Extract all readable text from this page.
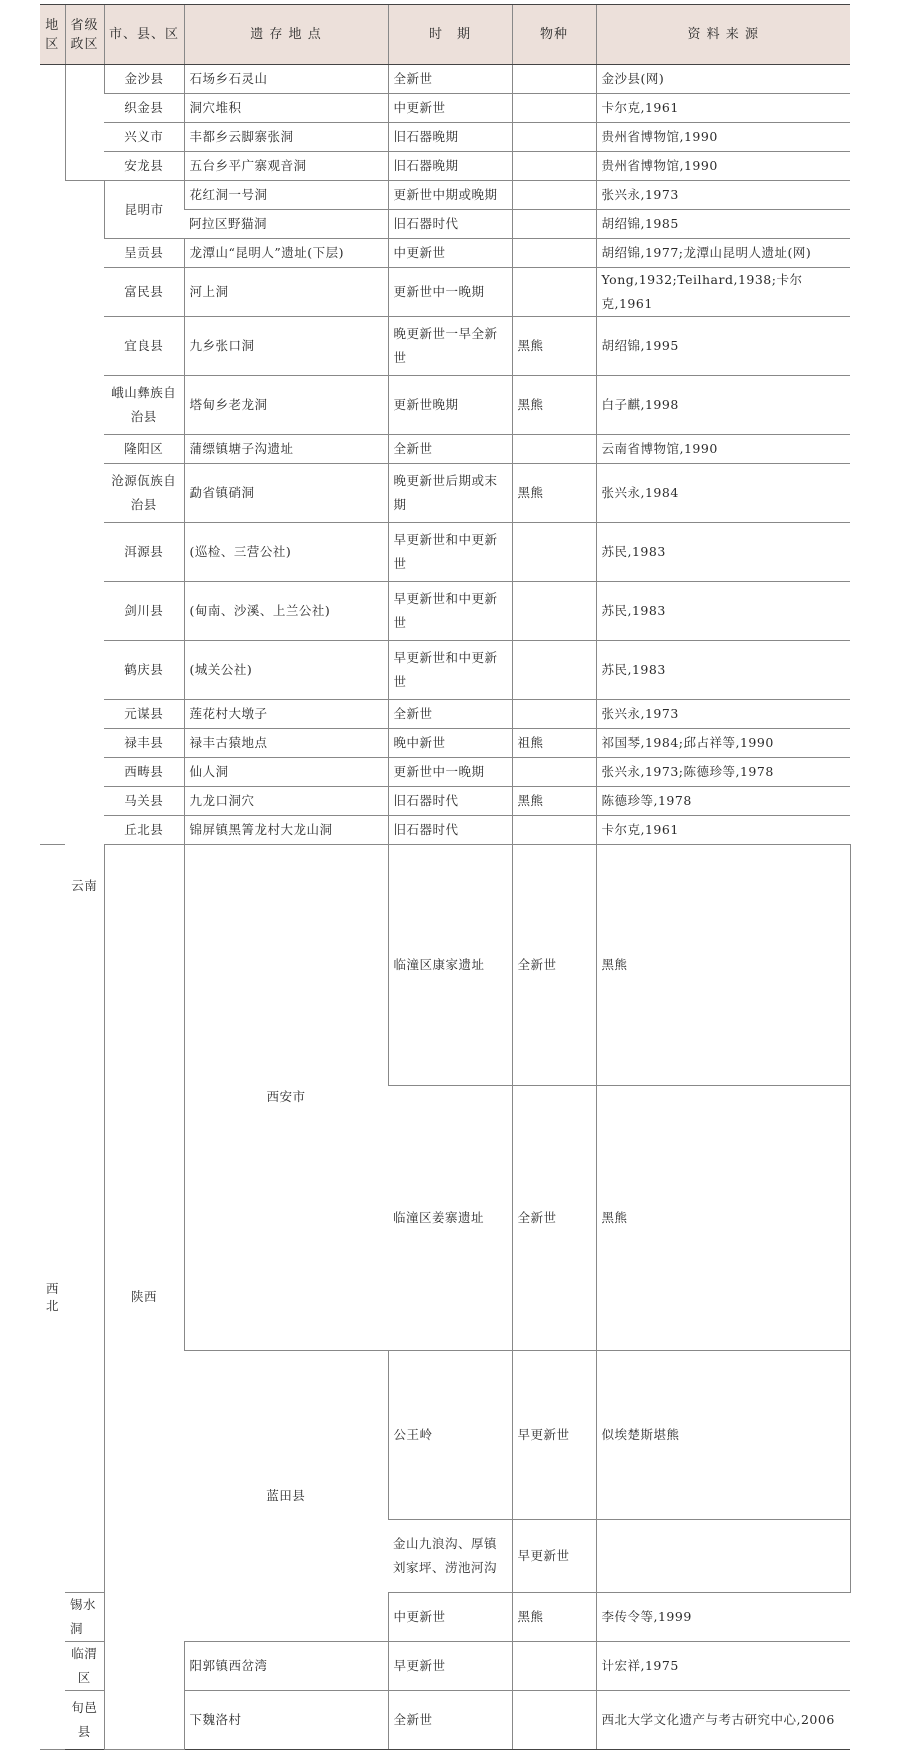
地区	省级政区	市、县、区	遗 存 地 点	时　期	物种	资 料 来 源	
		金沙县	石场乡石灵山	全新世		金沙县(网)	
		织金县	洞穴堆积	中更新世		卡尔克,1961	
		兴义市	丰都乡云脚寨张洞	旧石器晚期		贵州省博物馆,1990	
		安龙县	五台乡平广寨观音洞	旧石器晚期		贵州省博物馆,1990	
	云南	昆明市	花红洞一号洞	更新世中期或晚期		张兴永,1973	
			阿拉区野猫洞	旧石器时代		胡绍锦,1985	
		呈贡县	龙潭山“昆明人”遗址(下层)	中更新世		胡绍锦,1977;龙潭山昆明人遗址(网)	
		富民县	河上洞	更新世中一晚期		Yong,1932;Teilhard,1938;卡尔克,1961	
		宜良县	九乡张口洞	晚更新世一早全新世	黑熊	胡绍锦,1995	
		峨山彝族自治县	塔甸乡老龙洞	更新世晚期	黑熊	白子麒,1998	
		隆阳区	蒲缥镇塘子沟遗址	全新世		云南省博物馆,1990	
		沧源佤族自治县	勐省镇硝洞	晚更新世后期或末期	黑熊	张兴永,1984	
		洱源县	(巡检、三营公社)	早更新世和中更新世		苏民,1983	
		剑川县	(甸南、沙溪、上兰公社)	早更新世和中更新世		苏民,1983	
		鹤庆县	(城关公社)	早更新世和中更新世		苏民,1983	
		元谋县	莲花村大墩子	全新世		张兴永,1973	
		禄丰县	禄丰古猿地点	晚中新世	祖熊	祁国琴,1984;邱占祥等,1990	
		西畴县	仙人洞	更新世中一晚期		张兴永,1973;陈德珍等,1978	
		马关县	九龙口洞穴	旧石器时代	黑熊	陈德珍等,1978	
		丘北县	锦屏镇黑箐龙村大龙山洞	旧石器时代		卡尔克,1961	
西北		陕西	西安市	临潼区康家遗址	全新世	黑熊	
				临潼区姜寨遗址	全新世	黑熊	
			蓝田县	公王岭	早更新世	似埃楚斯堪熊	
				金山九浪沟、厚镇刘家坪、涝池河沟	早更新世		
	锡水洞			中更新世	黑熊	李传令等,1999	
	临渭区		阳郭镇西岔湾	早更新世		计宏祥,1975	
	旬邑县		下魏洛村	全新世		西北大学文化遗产与考古研究中心,2006	
